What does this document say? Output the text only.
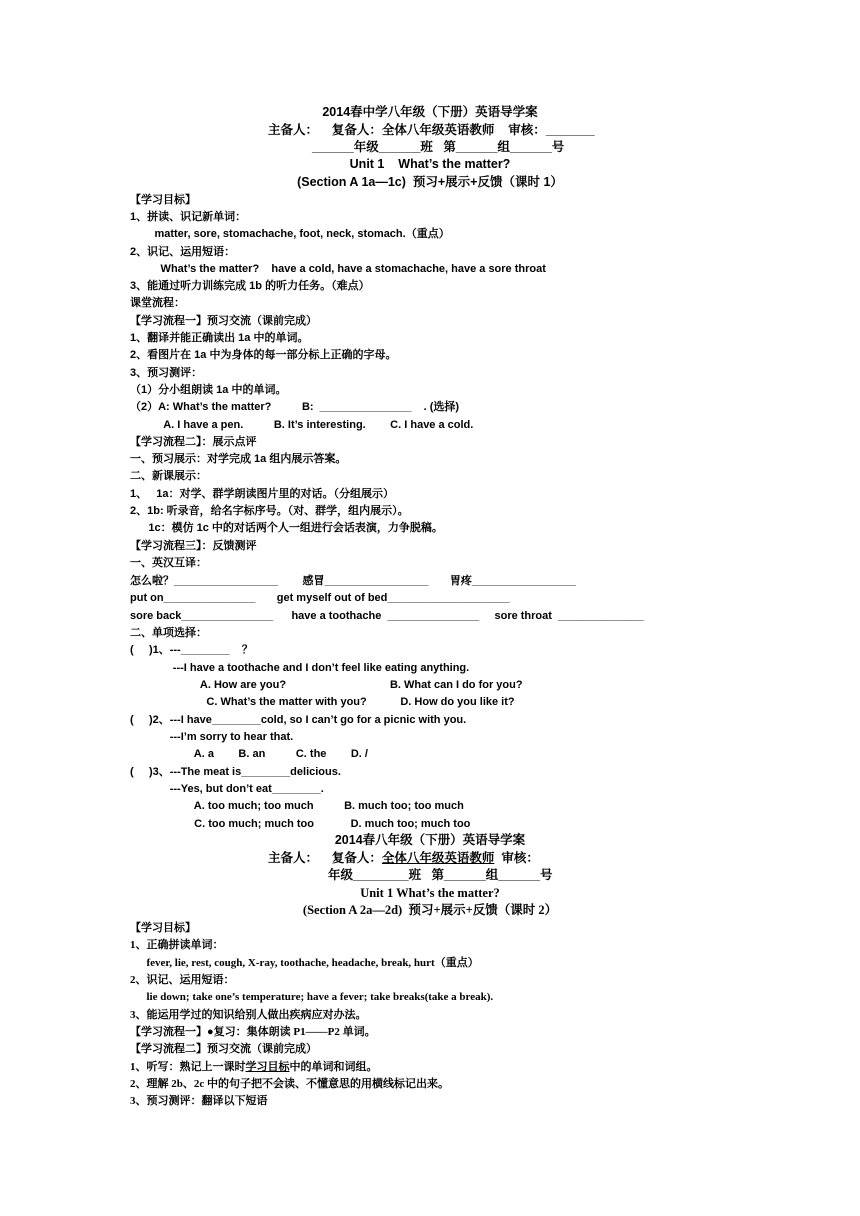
2014春中学八年级（下册）英语导学案
主备人：    复备人：全体八年级英语教师    审核：_______
______年级______班   第______组______号
Unit 1    What’s the matter?
(Section A 1a—1c)  预习+展示+反馈（课时 1）
【学习目标】
1、拼读、识记新单词：
matter, sore, stomachache, foot, neck, stomach.（重点）
2、识记、运用短语：
What’s the matter?    have a cold, have a stomachache, have a sore throat
3、能通过听力训练完成 1b 的听力任务。（难点）
课堂流程：
【学习流程一】预习交流（课前完成）
1、翻译并能正确读出 1a 中的单词。
2、看图片在 1a 中为身体的每一部分标上正确的字母。
3、预习测评：
（1）分小组朗读 1a 中的单词。
（2）A: What’s the matter?          B:  _______________    . (选择)
A. I have a pen.          B. It’s interesting.        C. I have a cold.
【学习流程二】：展示点评
一、预习展示：对学完成 1a 组内展示答案。
二、新课展示：
1、   1a：对学、群学朗读图片里的对话。（分组展示）
2、1b: 听录音，给名字标序号。（对、群学，组内展示）。
1c：模仿 1c 中的对话两个人一组进行会话表演，力争脱稿。
【学习流程三】：反馈测评
一、英汉互译：
怎么啦？_________________        感冒_________________       胃疼_________________
put on_______________       get myself out of bed____________________
sore back_______________      have a toothache  _______________     sore throat  ______________
二、单项选择：
(     )1、---________    ？
---I have a toothache and I don’t feel like eating anything.
A. How are you?                                  B. What can I do for you?
C. What’s the matter with you?           D. How do you like it?
(     )2、---I have________cold, so I can’t go for a picnic with you.
---I’m sorry to hear that.
A. a        B. an          C. the        D. /
(     )3、---The meat is________delicious.
---Yes, but don’t eat________.
A. too much; too much          B. much too; too much
C. too much; much too            D. much too; much too
2014春八年级（下册）英语导学案
主备人：    复备人：全体八年级英语教师  审核：
年级________班   第______组______号
Unit 1 What’s the matter?
(Section A 2a—2d)  预习+展示+反馈（课时 2）
【学习目标】
1、正确拼读单词：
fever, lie, rest, cough, X-ray, toothache, headache, break, hurt（重点）
2、识记、运用短语：
lie down; take one’s temperature; have a fever; take breaks(take a break).
3、能运用学过的知识给别人做出疾病应对办法。
【学习流程一】●复习：集体朗读 P1——P2 单词。
【学习流程二】预习交流（课前完成）
1、听写：熟记上一课时学习目标中的单词和词组。
2、理解 2b、2c 中的句子把不会读、不懂意思的用横线标记出来。
3、预习测评：翻译以下短语
